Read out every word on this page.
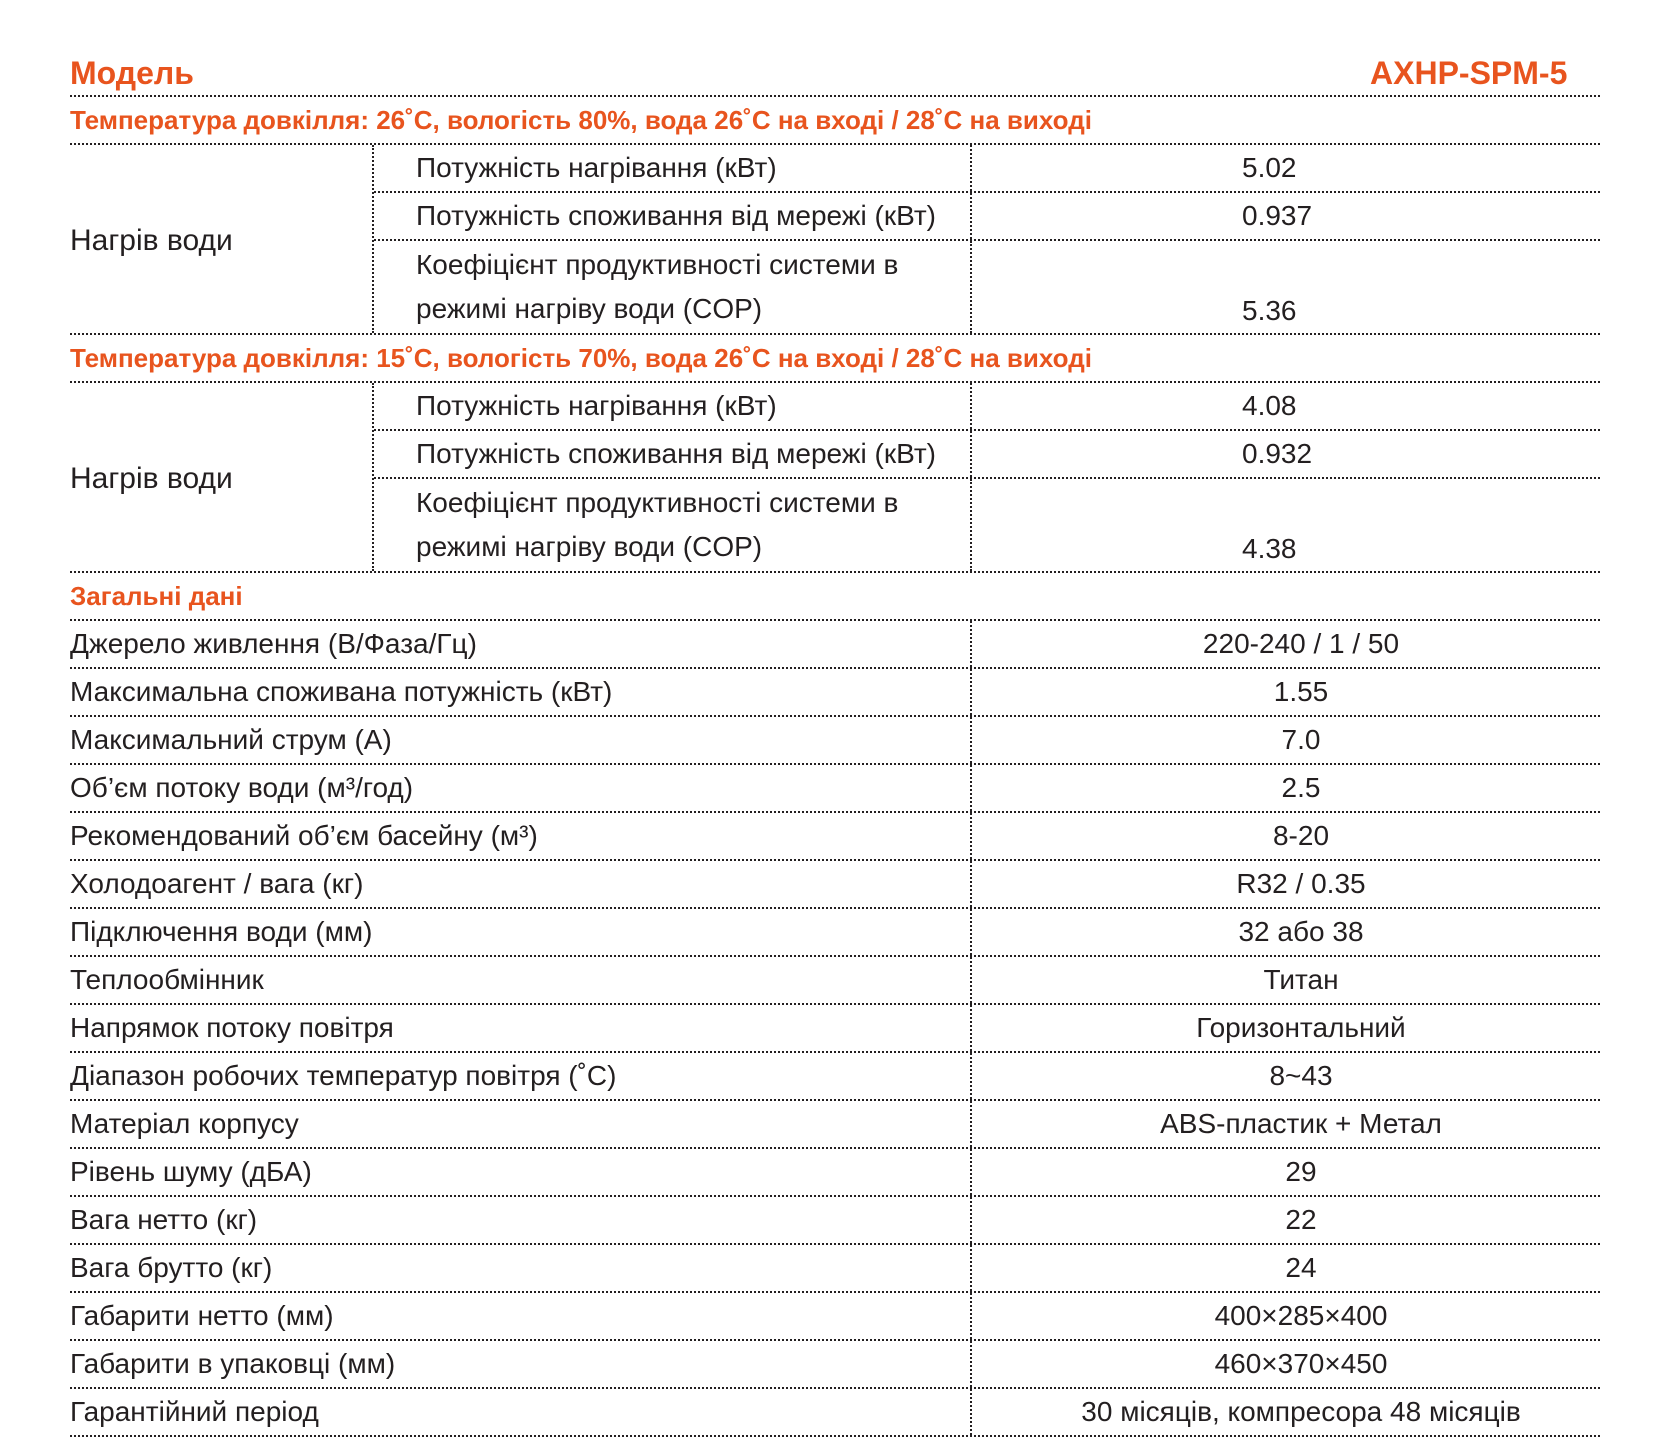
Модель	AXHP-SPM-5
Температура довкілля: 26˚C, вологість 80%, вода 26˚C на вході / 28˚C на виході
Нагрів води
Потужність нагрівання (кВт)	5.02
Потужність споживання від мережі (кВт)	0.937
Коефіцієнт продуктивності системи в режимі нагріву води (COP)	5.36
Температура довкілля: 15˚C, вологість 70%, вода 26˚C на вході / 28˚C на виході
Нагрів води
Потужність нагрівання (кВт)	4.08
Потужність споживання від мережі (кВт)	0.932
Коефіцієнт продуктивності системи в режимі нагріву води (COP)	4.38
Загальні дані
Джерело живлення (В/Фаза/Гц)	220-240 / 1 / 50
Максимальна споживана потужність (кВт)	1.55
Максимальний струм (А)	7.0
Об’єм потоку води (м³/год)	2.5
Рекомендований об’єм басейну (м³)	8-20
Холодоагент / вага (кг)	R32 / 0.35
Підключення води (мм)	32 або 38
Теплообмінник	Титан
Напрямок потоку повітря	Горизонтальний
Діапазон робочих температур повітря (˚C)	8~43
Матеріал корпусу	ABS-пластик + Метал
Рівень шуму (дБА)	29
Вага нетто (кг)	22
Вага брутто (кг)	24
Габарити нетто (мм)	400×285×400
Габарити в упаковці (мм)	460×370×450
Гарантійний період	30 місяців, компресора 48 місяців
